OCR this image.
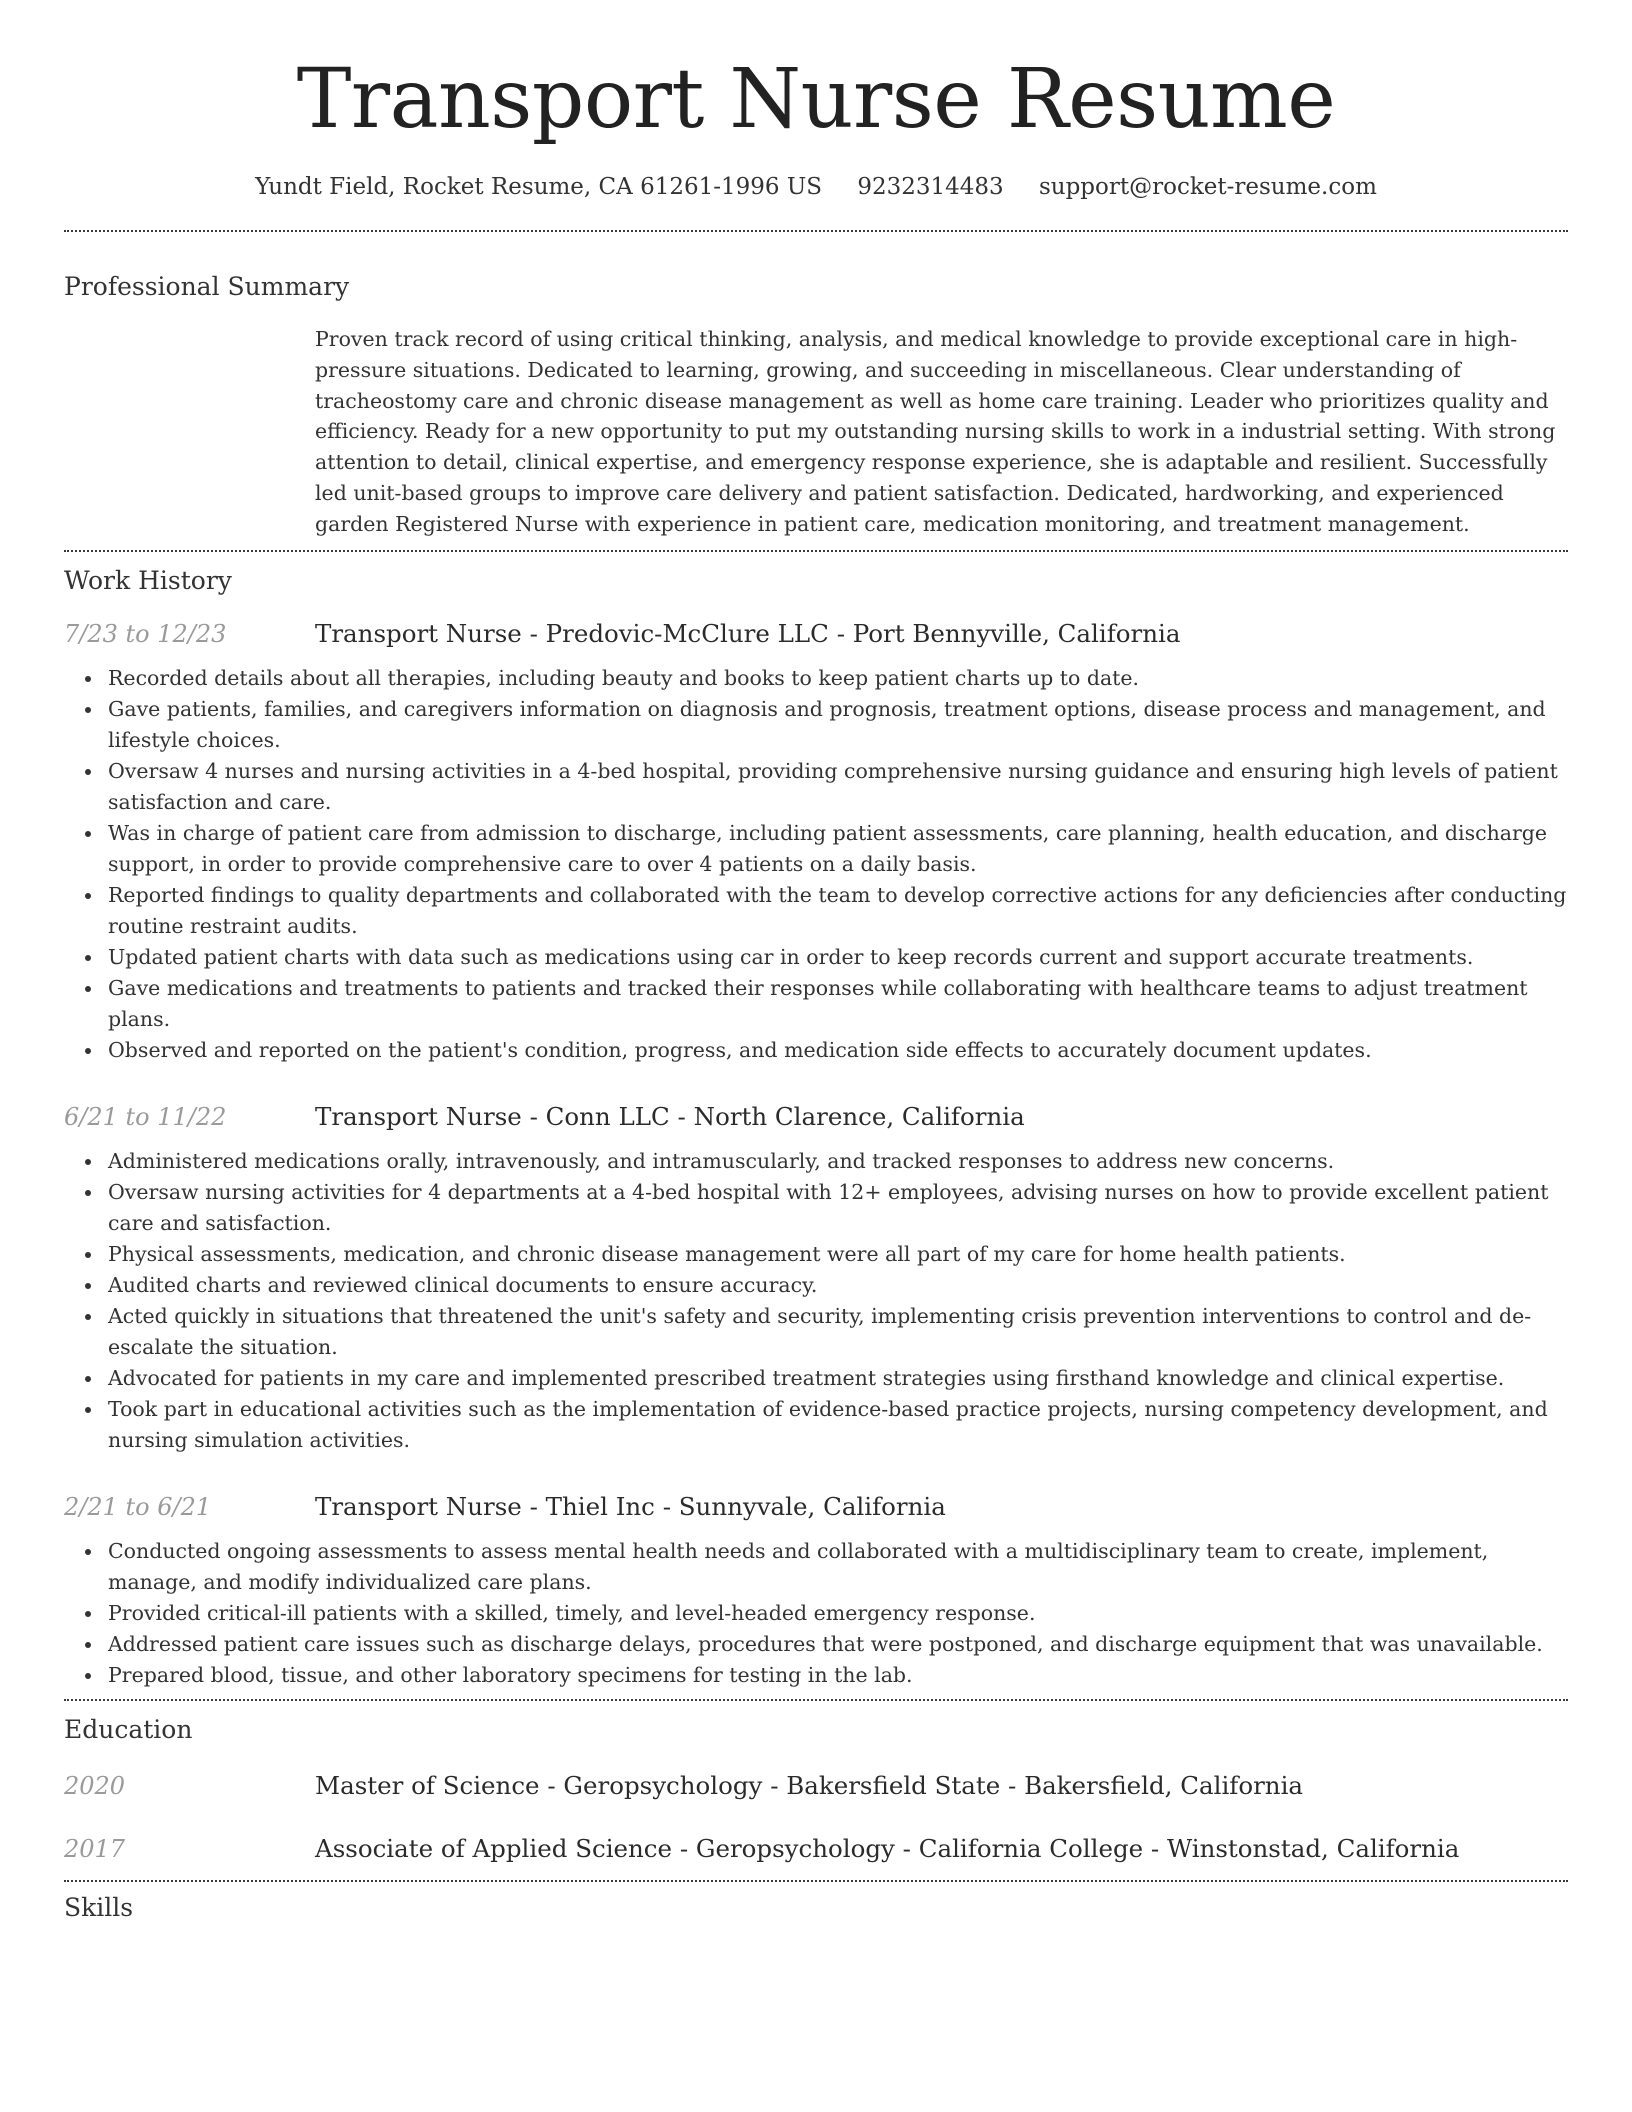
Transport Nurse Resume
Yundt Field, Rocket Resume, CA 61261-1996 US 9232314483 support@rocket-resume.com
Professional Summary

Proven track record of using critical thinking, analysis, and medical knowledge to provide exceptional care in high-pressure situations. Dedicated to learning, growing, and succeeding in miscellaneous. Clear understanding of tracheostomy care and chronic disease management as well as home care training. Leader who prioritizes quality and efficiency. Ready for a new opportunity to put my outstanding nursing skills to work in a industrial setting. With strong attention to detail, clinical expertise, and emergency response experience, she is adaptable and resilient. Successfully led unit-based groups to improve care delivery and patient satisfaction. Dedicated, hardworking, and experienced garden Registered Nurse with experience in patient care, medication monitoring, and treatment management.

Work History
7/23 to 12/23	Transport Nurse - Predovic-McClure LLC - Port Bennyville, California
Recorded details about all therapies, including beauty and books to keep patient charts up to date.
Gave patients, families, and caregivers information on diagnosis and prognosis, treatment options, disease process and management, and lifestyle choices.
Oversaw 4 nurses and nursing activities in a 4-bed hospital, providing comprehensive nursing guidance and ensuring high levels of patient satisfaction and care.
Was in charge of patient care from admission to discharge, including patient assessments, care planning, health education, and discharge support, in order to provide comprehensive care to over 4 patients on a daily basis.
Reported findings to quality departments and collaborated with the team to develop corrective actions for any deficiencies after conducting routine restraint audits.
Updated patient charts with data such as medications using car in order to keep records current and support accurate treatments.
Gave medications and treatments to patients and tracked their responses while collaborating with healthcare teams to adjust treatment plans.
Observed and reported on the patient's condition, progress, and medication side effects to accurately document updates.
6/21 to 11/22	Transport Nurse - Conn LLC - North Clarence, California
Administered medications orally, intravenously, and intramuscularly, and tracked responses to address new concerns.
Oversaw nursing activities for 4 departments at a 4-bed hospital with 12+ employees, advising nurses on how to provide excellent patient care and satisfaction.
Physical assessments, medication, and chronic disease management were all part of my care for home health patients.
Audited charts and reviewed clinical documents to ensure accuracy.
Acted quickly in situations that threatened the unit's safety and security, implementing crisis prevention interventions to control and de-escalate the situation.
Advocated for patients in my care and implemented prescribed treatment strategies using firsthand knowledge and clinical expertise.
Took part in educational activities such as the implementation of evidence-based practice projects, nursing competency development, and nursing simulation activities.
2/21 to 6/21	Transport Nurse - Thiel Inc - Sunnyvale, California
Conducted ongoing assessments to assess mental health needs and collaborated with a multidisciplinary team to create, implement, manage, and modify individualized care plans.
Provided critical-ill patients with a skilled, timely, and level-headed emergency response.
Addressed patient care issues such as discharge delays, procedures that were postponed, and discharge equipment that was unavailable.
Prepared blood, tissue, and other laboratory specimens for testing in the lab.
Education
2020	Master of Science - Geropsychology - Bakersfield State - Bakersfield, California
2017	Associate of Applied Science - Geropsychology - California College - Winstonstad, California
Skills
